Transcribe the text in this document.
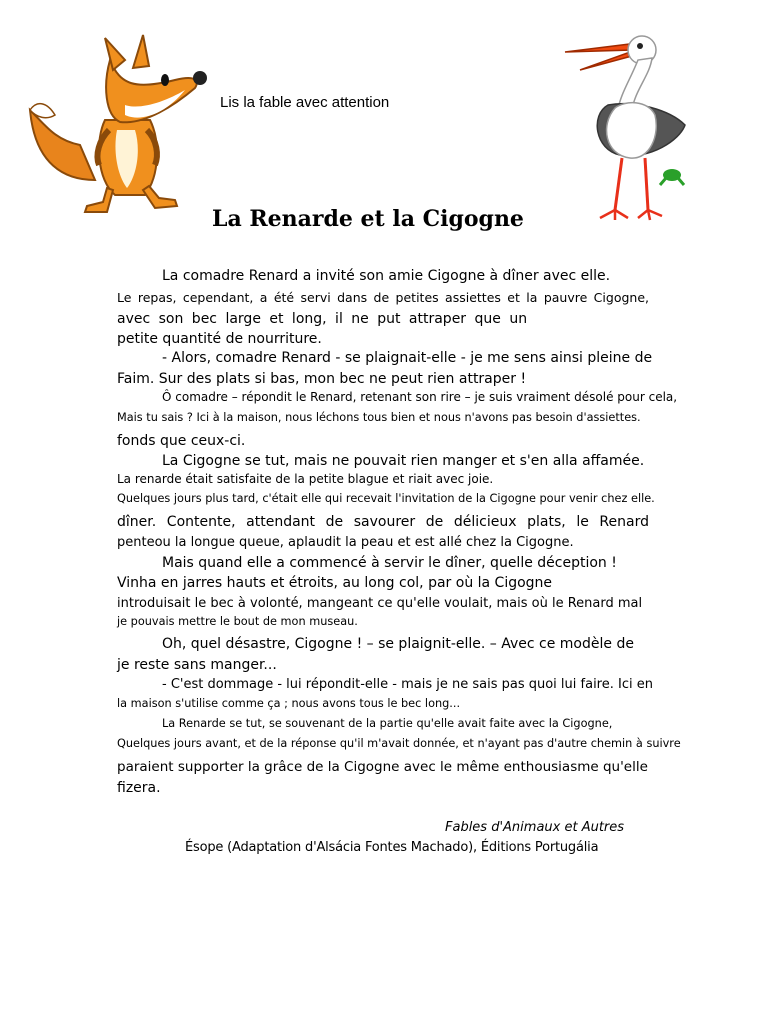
Lis la fable avec attention
La Renarde et la Cigogne
La comadre Renard a invité son amie Cigogne à dîner avec elle.
Le repas, cependant, a été servi dans de petites assiettes et la pauvre Cigogne,
avec son bec large et long, il ne put attraper que un
petite quantité de nourriture.
- Alors, comadre Renard - se plaignait-elle - je me sens ainsi pleine de
Faim. Sur des plats si bas, mon bec ne peut rien attraper !
Ô comadre – répondit le Renard, retenant son rire – je suis vraiment désolé pour cela,
Mais tu sais ? Ici à la maison, nous léchons tous bien et nous n'avons pas besoin d'assiettes.
fonds que ceux-ci.
La Cigogne se tut, mais ne pouvait rien manger et s'en alla affamée.
La renarde était satisfaite de la petite blague et riait avec joie.
Quelques jours plus tard, c'était elle qui recevait l'invitation de la Cigogne pour venir chez elle.
dîner. Contente, attendant de savourer de délicieux plats, le Renard
penteou la longue queue, aplaudit la peau et est allé chez la Cigogne.
Mais quand elle a commencé à servir le dîner, quelle déception !
Vinha en jarres hauts et étroits, au long col, par où la Cigogne
introduisait le bec à volonté, mangeant ce qu'elle voulait, mais où le Renard mal
je pouvais mettre le bout de mon museau.
Oh, quel désastre, Cigogne ! – se plaignit-elle. – Avec ce modèle de
je reste sans manger...
- C'est dommage - lui répondit-elle - mais je ne sais pas quoi lui faire. Ici en
la maison s'utilise comme ça ; nous avons tous le bec long...
La Renarde se tut, se souvenant de la partie qu'elle avait faite avec la Cigogne,
Quelques jours avant, et de la réponse qu'il m'avait donnée, et n'ayant pas d'autre chemin à suivre
paraient supporter la grâce de la Cigogne avec le même enthousiasme qu'elle
fizera.
Fables d'Animaux et Autres
Ésope (Adaptation d'Alsácia Fontes Machado), Éditions Portugália
